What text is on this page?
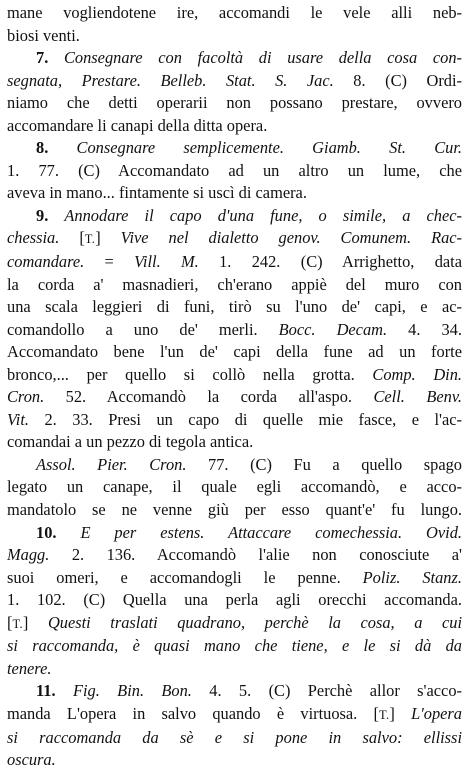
mane vogliendotene ire, accomandi le vele alli neb-
biosi venti.
7. Consegnare con facoltà di usare della cosa con-
segnata, Prestare. Belleb. Stat. S. Jac. 8. (C) Ordi-
niamo che detti operarii non possano prestare, ovvero
accomandare li canapi della ditta opera.
8. Consegnare semplicemente. Giamb. St. Cur.
1. 77. (C) Accomandato ad un altro un lume, che
aveva in mano... fintamente si uscì di camera.
9. Annodare il capo d'una fune, o simile, a chec-
chessia. [T.] Vive nel dialetto genov. Comunem. Rac-
comandare. = Vill. M. 1. 242. (C) Arrighetto, data
la corda a' masnadieri, ch'erano appiè del muro con
una scala leggieri di funi, tirò su l'uno de' capi, e ac-
comandollo a uno de' merli. Bocc. Decam. 4. 34.
Accomandato bene l'un de' capi della fune ad un forte
bronco,... per quello si collò nella grotta. Comp. Din.
Cron. 52. Accomandò la corda all'aspo. Cell. Benv.
Vit. 2. 33. Presi un capo di quelle mie fasce, e l'ac-
comandai a un pezzo di tegola antica.
Assol. Pier. Cron. 77. (C) Fu a quello spago
legato un canape, il quale egli accomandò, e acco-
mandatolo se ne venne giù per esso quant'e' fu lungo.
10. E per estens. Attaccare comechessia. Ovid.
Magg. 2. 136. Accomandò l'alie non conosciute a'
suoi omeri, e accomandogli le penne. Poliz. Stanz.
1. 102. (C) Quella una perla agli orecchi accomanda.
[T.] Questi traslati quadrano, perchè la cosa, a cui
si raccomanda, è quasi mano che tiene, e le si dà da
tenere.
11. Fig. Bin. Bon. 4. 5. (C) Perchè allor s'acco-
manda L'opera in salvo quando è virtuosa. [T.] L'opera
si raccomanda da sè e si pone in salvo: ellissi
oscura.
